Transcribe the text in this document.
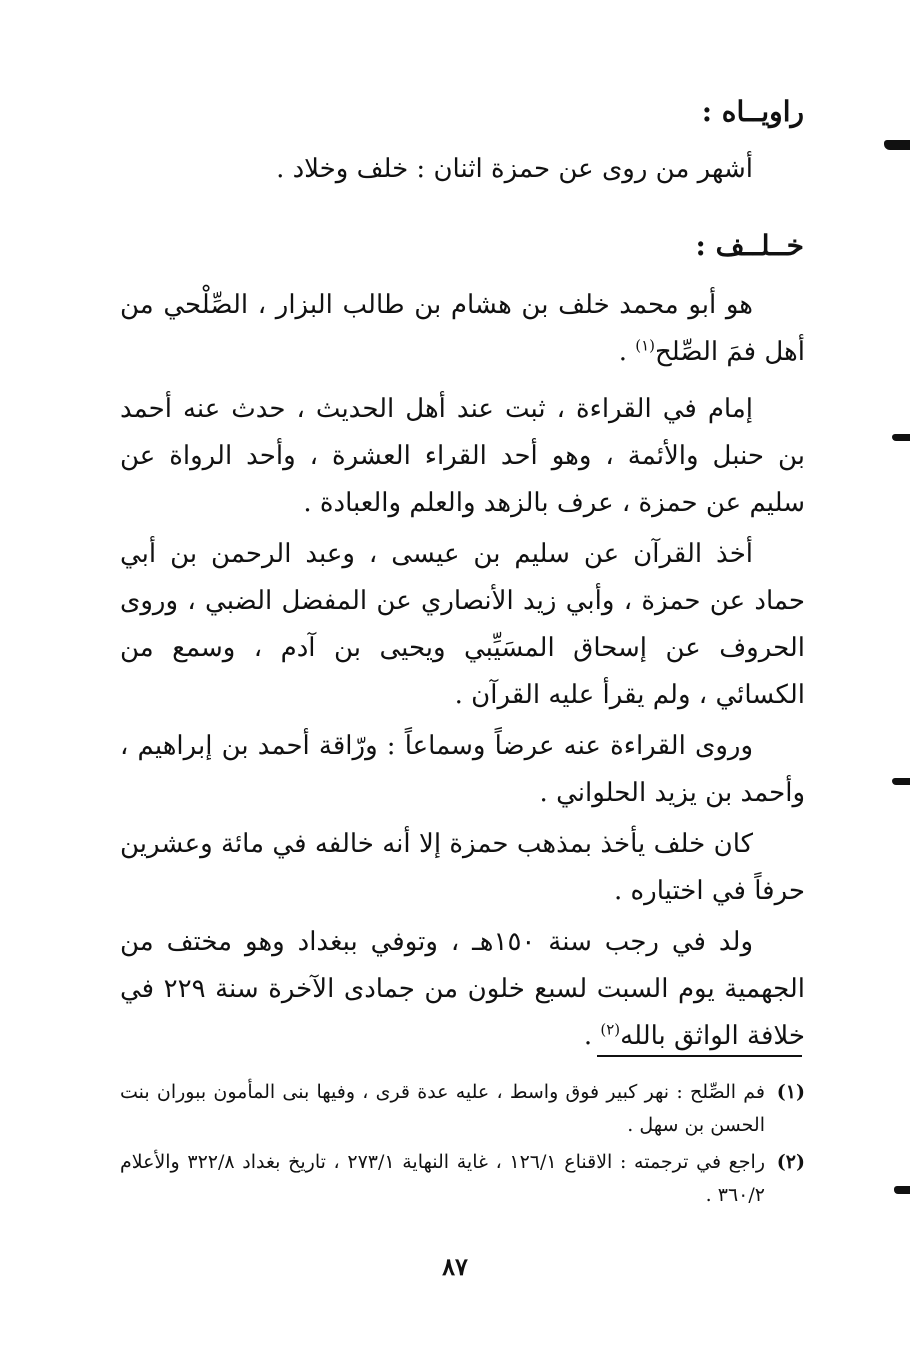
راويــاه :

أشهر من روى عن حمزة اثنان : خلف وخلاد .

خــلــف :

هو أبو محمد خلف بن هشام بن طالب البزار ، الصِّلْحي من أهل فمَ الصِّلح$^{(١)}$ .

إمام في القراءة ، ثبت عند أهل الحديث ، حدث عنه أحمد بن حنبل والأئمة ، وهو أحد القراء العشرة ، وأحد الرواة عن سليم عن حمزة ، عرف بالزهد والعلم والعبادة .

أخذ القرآن عن سليم بن عيسى ، وعبد الرحمن بن أبي حماد عن حمزة ، وأبي زيد الأنصاري عن المفضل الضبي ، وروى الحروف عن إسحاق المسَيِّبي ويحيى بن آدم ، وسمع من الكسائي ، ولم يقرأ عليه القرآن .

وروى القراءة عنه عرضاً وسماعاً : ورّاقة أحمد بن إبراهيم ، وأحمد بن يزيد الحلواني .

كان خلف يأخذ بمذهب حمزة إلا أنه خالفه في مائة وعشرين حرفاً في اختياره .

ولد في رجب سنة ١٥٠هـ ، وتوفي ببغداد وهو مختف من الجهمية يوم السبت لسبع خلون من جمادى الآخرة سنة ٢٢٩ في خلافة الواثق بالله$^{(٢)}$ .

(١)

فم الصِّلح : نهر كبير فوق واسط ، عليه عدة قرى ، وفيها بنى المأمون ببوران بنت الحسن بن سهل .

(٢)

راجع في ترجمته : الاقناع ١٢٦/١ ، غاية النهاية ٢٧٣/١ ، تاريخ بغداد ٣٢٢/٨ والأعلام ٣٦٠/٢ .

٨٧
